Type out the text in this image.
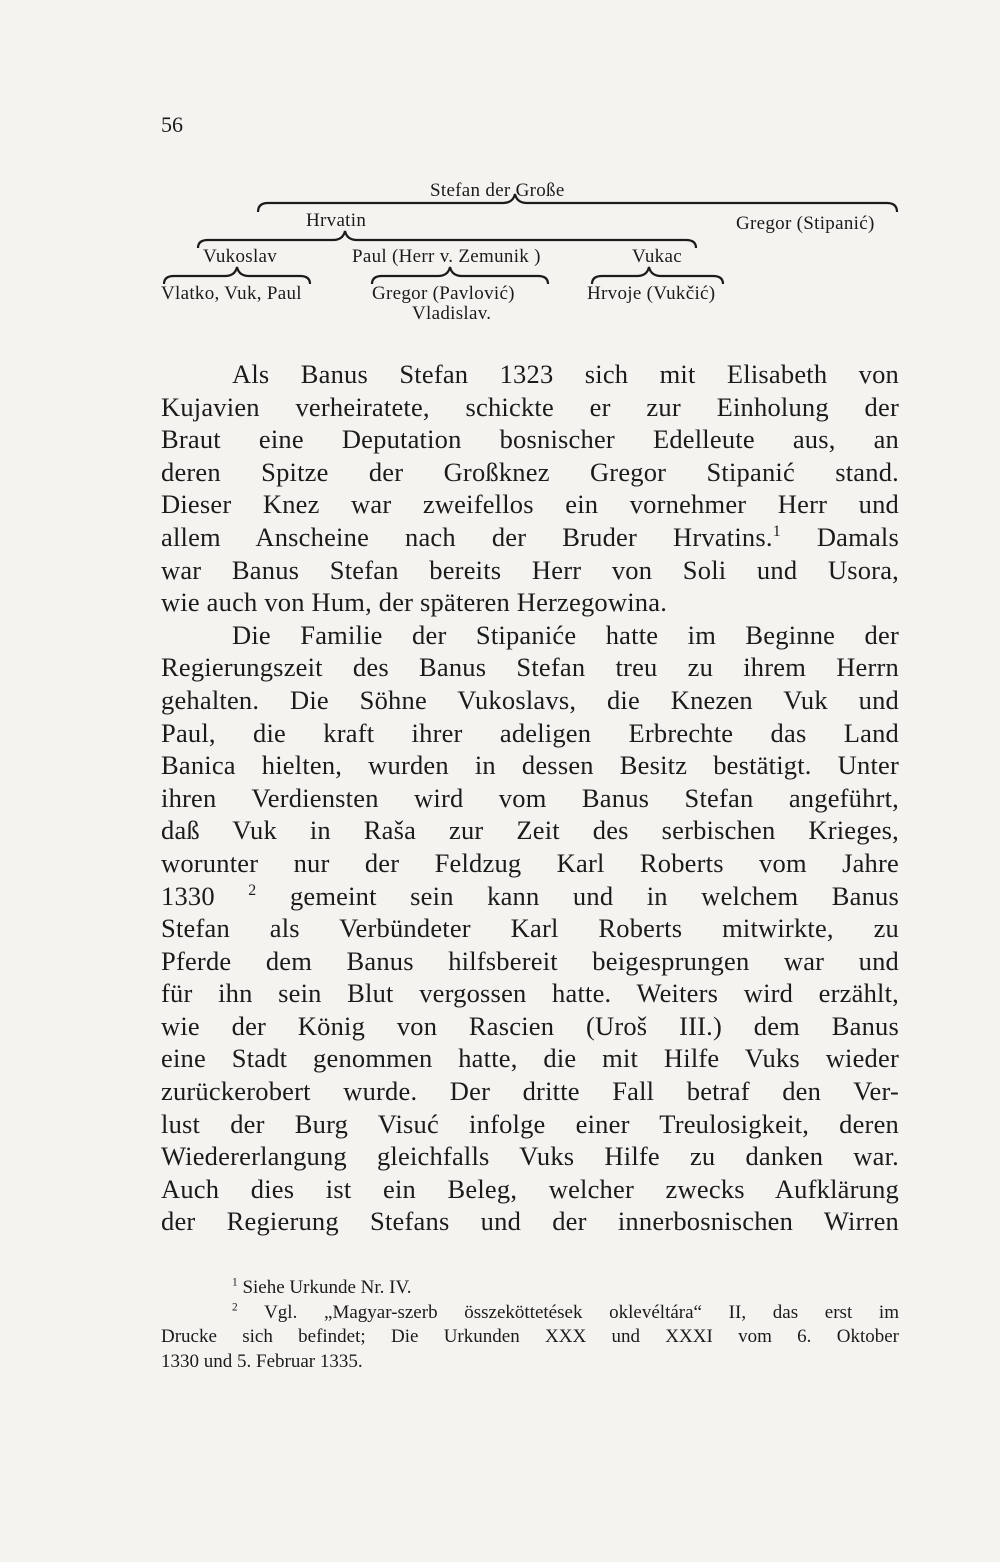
56
Stefan der Große
Hrvatin	Gregor (Stipanić)
Vukoslav	Paul (Herr v. Zemunik )	Vukac
Vlatko, Vuk, Paul	Gregor (Pavlović)
Vladislav.
Hrvoje (Vukčić)
Als Banus Stefan 1323 sich mit Elisabeth von
Kujavien verheiratete, schickte er zur Einholung der
Braut eine Deputation bosnischer Edelleute aus, an
deren Spitze der Großknez Gregor Stipanić stand.
Dieser Knez war zweifellos ein vornehmer Herr und
allem Anscheine nach der Bruder Hrvatins.$^1$ Damals
war Banus Stefan bereits Herr von Soli und Usora,
wie auch von Hum, der späteren Herzegowina.
Die Familie der Stipaniće hatte im Beginne der
Regierungszeit des Banus Stefan treu zu ihrem Herrn
gehalten. Die Söhne Vukoslavs, die Knezen Vuk und
Paul, die kraft ihrer adeligen Erbrechte das Land
Banica hielten, wurden in dessen Besitz bestätigt. Unter
ihren Verdiensten wird vom Banus Stefan angeführt,
daß Vuk in Raša zur Zeit des serbischen Krieges,
worunter nur der Feldzug Karl Roberts vom Jahre
1330 $^2$ gemeint sein kann und in welchem Banus
Stefan als Verbündeter Karl Roberts mitwirkte, zu
Pferde dem Banus hilfsbereit beigesprungen war und
für ihn sein Blut vergossen hatte. Weiters wird erzählt,
wie der König von Rascien (Uroš III.) dem Banus
eine Stadt genommen hatte, die mit Hilfe Vuks wieder
zurückerobert wurde. Der dritte Fall betraf den Ver-
lust der Burg Visuć infolge einer Treulosigkeit, deren
Wiedererlangung gleichfalls Vuks Hilfe zu danken war.
Auch dies ist ein Beleg, welcher zwecks Aufklärung
der Regierung Stefans und der innerbosnischen Wirren
$^1$ Siehe Urkunde Nr. IV.
$^2$ Vgl. „Magyar-szerb összeköttetések oklevéltára“ II, das erst im
Drucke sich befindet; Die Urkunden XXX und XXXI vom 6. Oktober
1330 und 5. Februar 1335.
